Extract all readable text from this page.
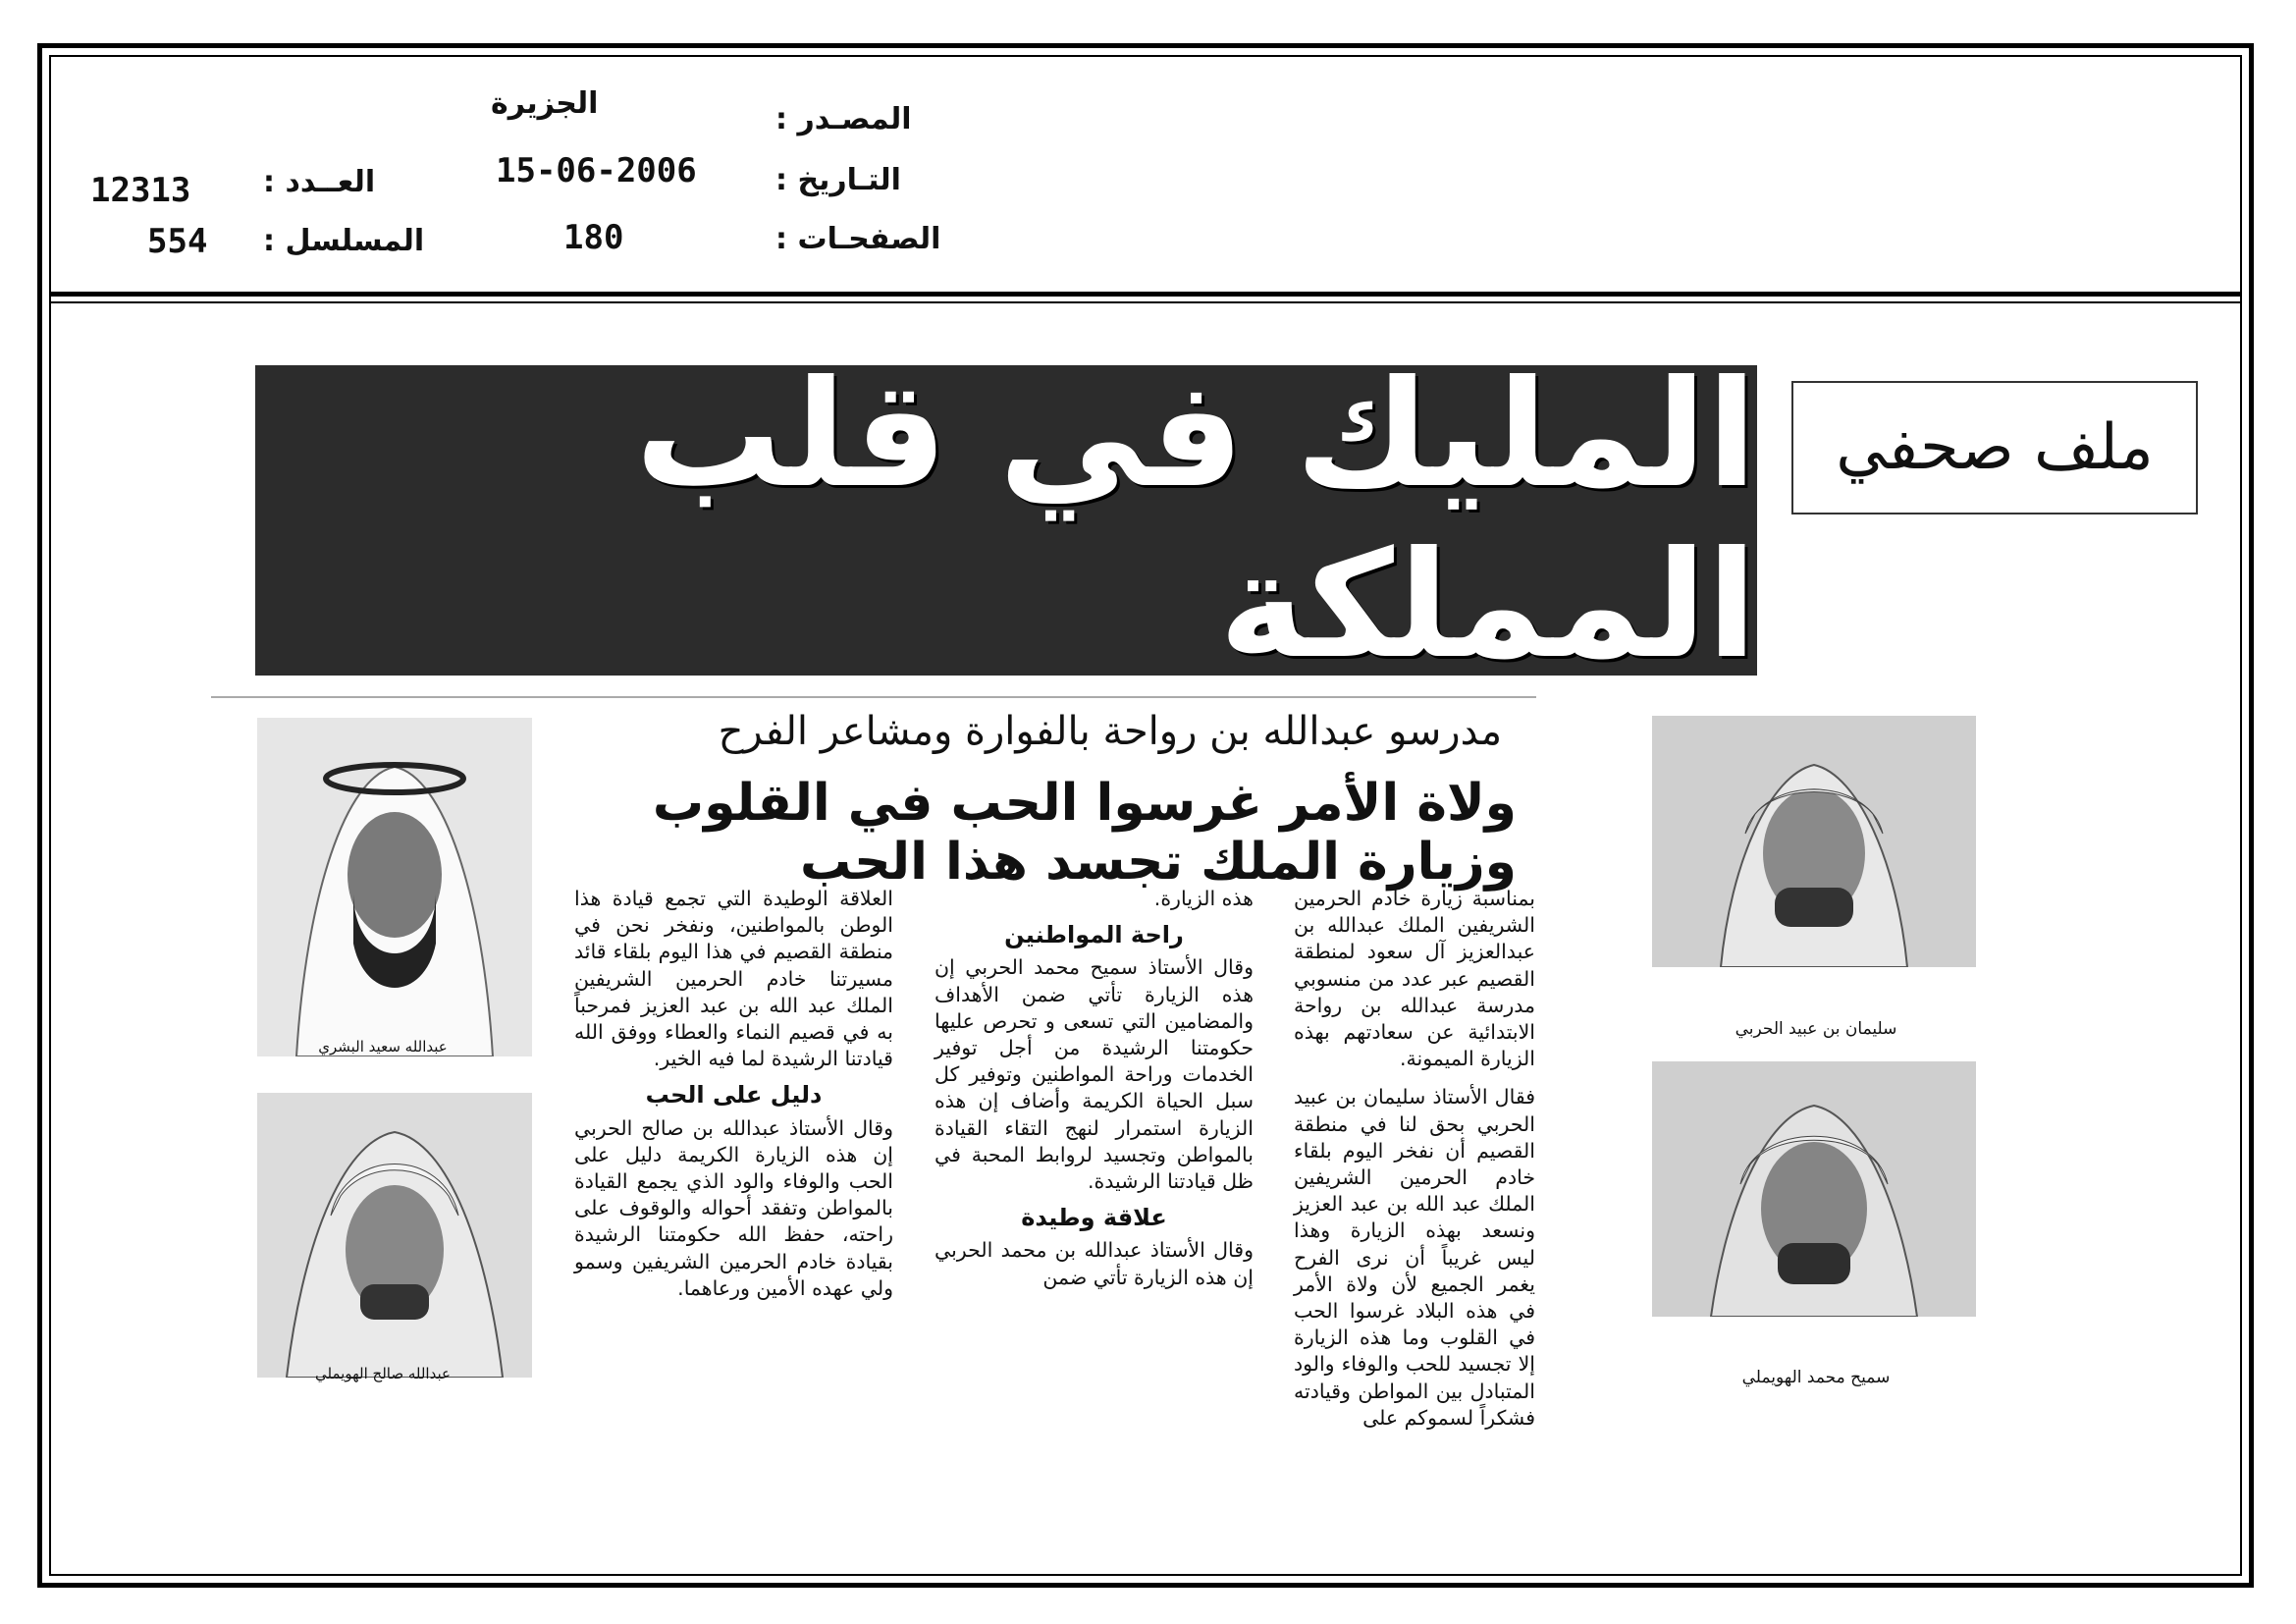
المصـدر :
الجزيرة
التـاريخ :
15-06-2006
الصفحـات :
180
العــدد :
12313
المسلسل :
554
ملف صحفي
المليك في قلب المملكة
مدرسو عبدالله بن رواحة بالفوارة ومشاعر الفرح
ولاة الأمر غرسوا الحب في القلوب وزيارة الملك تجسد هذا الحب

بمناسبة زيارة خادم الحرمين الشريفين الملك عبدالله بن عبدالعزيز آل سعود لمنطقة القصيم عبر عدد من منسوبي مدرسة عبدالله بن رواحة الابتدائية عن سعادتهم بهذه الزيارة الميمونة.

فقال الأستاذ سليمان بن عبيد الحربي بحق لنا في منطقة القصيم أن نفخر اليوم بلقاء خادم الحرمين الشريفين الملك عبد الله بن عبد العزيز ونسعد بهذه الزيارة وهذا ليس غريباً أن نرى الفرح يغمر الجميع لأن ولاة الأمر في هذه البلاد غرسوا الحب في القلوب وما هذه الزيارة إلا تجسيد للحب والوفاء والود المتبادل بين المواطن وقيادته فشكراً لسموكم على

هذه الزيارة.

راحة المواطنين

وقال الأستاذ سميح محمد الحربي إن هذه الزيارة تأتي ضمن الأهداف والمضامين التي تسعى و تحرص عليها حكومتنا الرشيدة من أجل توفير الخدمات وراحة المواطنين وتوفير كل سبل الحياة الكريمة وأضاف إن هذه الزيارة استمرار لنهج التقاء القيادة بالمواطن وتجسيد لروابط المحبة في ظل قيادتنا الرشيدة.

علاقة وطيدة

وقال الأستاذ عبدالله بن محمد الحربي إن هذه الزيارة تأتي ضمن

العلاقة الوطيدة التي تجمع قيادة هذا الوطن بالمواطنين، ونفخر نحن في منطقة القصيم في هذا اليوم بلقاء قائد مسيرتنا خادم الحرمين الشريفين الملك عبد الله بن عبد العزيز فمرحباً به في قصيم النماء والعطاء ووفق الله قيادتنا الرشيدة لما فيه الخير.

دليل على الحب

وقال الأستاذ عبدالله بن صالح الحربي إن هذه الزيارة الكريمة دليل على الحب والوفاء والود الذي يجمع القيادة بالمواطن وتفقد أحواله والوقوف على راحته، حفظ الله حكومتنا الرشيدة بقيادة خادم الحرمين الشريفين وسمو ولي عهده الأمين ورعاهما.

سليمان بن عبيد الحربي
سميح محمد الهويملي
عبدالله سعيد البشري
عبدالله صالح الهويملي
